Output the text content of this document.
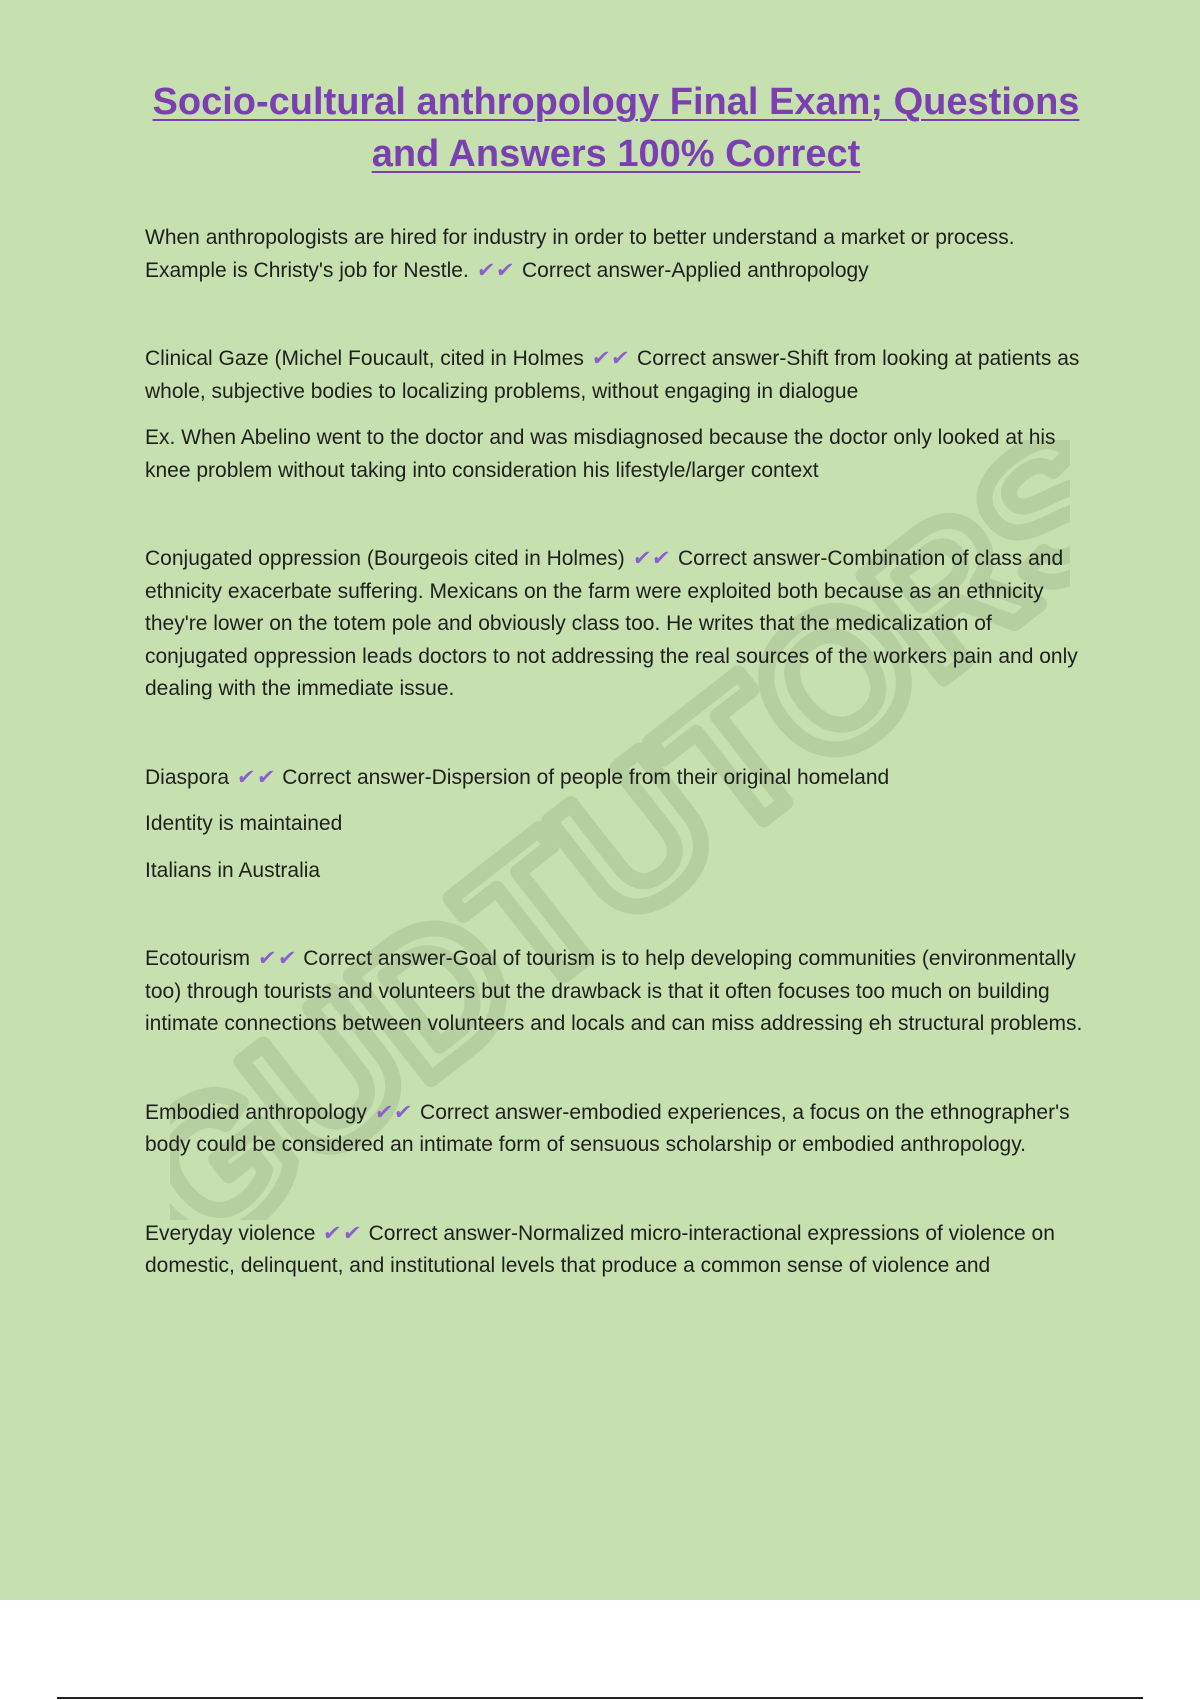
GUDTUTORS
Socio-cultural anthropology Final Exam; Questions and Answers 100% Correct

When anthropologists are hired for industry in order to better understand a market or process. Example is Christy's job for Nestle. ✔✔ Correct answer-Applied anthropology

Clinical Gaze (Michel Foucault, cited in Holmes ✔✔ Correct answer-Shift from looking at patients as whole, subjective bodies to localizing problems, without engaging in dialogue

Ex. When Abelino went to the doctor and was misdiagnosed because the doctor only looked at his knee problem without taking into consideration his lifestyle/larger context

Conjugated oppression (Bourgeois cited in Holmes) ✔✔ Correct answer-Combination of class and ethnicity exacerbate suffering. Mexicans on the farm were exploited both because as an ethnicity they're lower on the totem pole and obviously class too. He writes that the medicalization of conjugated oppression leads doctors to not addressing the real sources of the workers pain and only dealing with the immediate issue.

Diaspora ✔✔ Correct answer-Dispersion of people from their original homeland

Identity is maintained

Italians in Australia

Ecotourism ✔✔ Correct answer-Goal of tourism is to help developing communities (environmentally too) through tourists and volunteers but the drawback is that it often focuses too much on building intimate connections between volunteers and locals and can miss addressing eh structural problems.

Embodied anthropology ✔✔ Correct answer-embodied experiences, a focus on the ethnographer's body could be considered an intimate form of sensuous scholarship or embodied anthropology.

Everyday violence ✔✔ Correct answer-Normalized micro-interactional expressions of violence on domestic, delinquent, and institutional levels that produce a common sense of violence and
